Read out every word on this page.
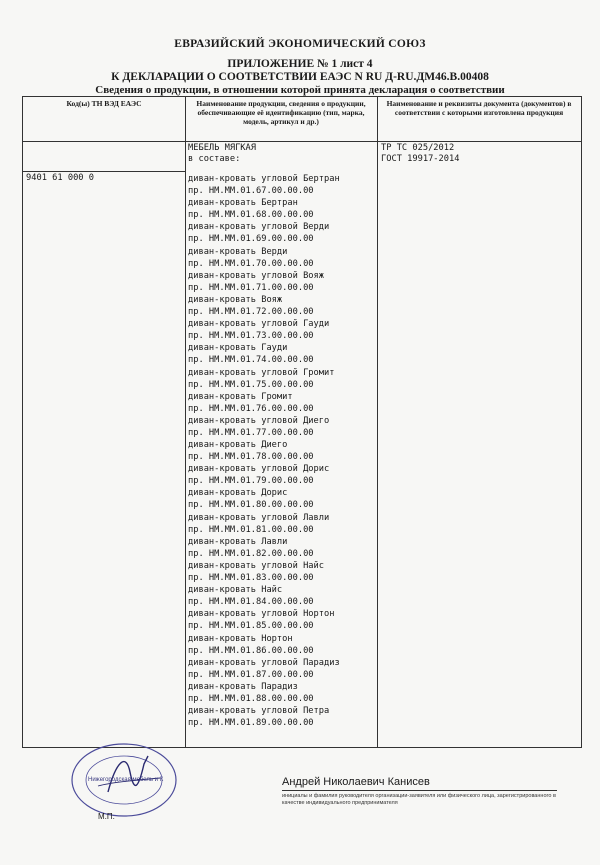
ЕВРАЗИЙСКИЙ ЭКОНОМИЧЕСКИЙ СОЮЗ
ПРИЛОЖЕНИЕ № 1 лист 4
К ДЕКЛАРАЦИИ О СООТВЕТСТВИИ ЕАЭС N RU Д-RU.ДМ46.В.00408
Сведения о продукции, в отношении которой принята декларация о соответствии
Код(ы) ТН ВЭД ЕАЭС	Наименование продукции, сведения о продукции, обеспечивающие её идентификацию (тип, марка, модель, артикул и др.)
Наименование и реквизиты документа (документов) в соответствии с которыми изготовлена продукция
МЕБЕЛЬ МЯГКАЯ
в составе:
ТР ТС 025/2012
ГОСТ 19917-2014
9401 61 000 0	диван-кровать угловой Бертран
пр. НМ.ММ.01.67.00.00.00
диван-кровать Бертран
пр. НМ.ММ.01.68.00.00.00
диван-кровать угловой Верди
пр. НМ.ММ.01.69.00.00.00
диван-кровать Верди
пр. НМ.ММ.01.70.00.00.00
диван-кровать угловой Вояж
пр. НМ.ММ.01.71.00.00.00
диван-кровать Вояж
пр. НМ.ММ.01.72.00.00.00
диван-кровать угловой Гауди
пр. НМ.ММ.01.73.00.00.00
диван-кровать Гауди
пр. НМ.ММ.01.74.00.00.00
диван-кровать угловой Громит
пр. НМ.ММ.01.75.00.00.00
диван-кровать Громит
пр. НМ.ММ.01.76.00.00.00
диван-кровать угловой Диего
пр. НМ.ММ.01.77.00.00.00
диван-кровать Диего
пр. НМ.ММ.01.78.00.00.00
диван-кровать угловой Дорис
пр. НМ.ММ.01.79.00.00.00
диван-кровать Дорис
пр. НМ.ММ.01.80.00.00.00
диван-кровать угловой Лавли
пр. НМ.ММ.01.81.00.00.00
диван-кровать Лавли
пр. НМ.ММ.01.82.00.00.00
диван-кровать угловой Найс
пр. НМ.ММ.01.83.00.00.00
диван-кровать Найс
пр. НМ.ММ.01.84.00.00.00
диван-кровать угловой Нортон
пр. НМ.ММ.01.85.00.00.00
диван-кровать Нортон
пр. НМ.ММ.01.86.00.00.00
диван-кровать угловой Парадиз
пр. НМ.ММ.01.87.00.00.00
диван-кровать Парадиз
пр. НМ.ММ.01.88.00.00.00
диван-кровать угловой Петра
пр. НМ.ММ.01.89.00.00.00
Нижегородская мебель и К
М.П.
Андрей Николаевич Канисев
инициалы и фамилия руководителя организации-заявителя или физического лица, зарегистрированного в качестве индивидуального предпринимателя
